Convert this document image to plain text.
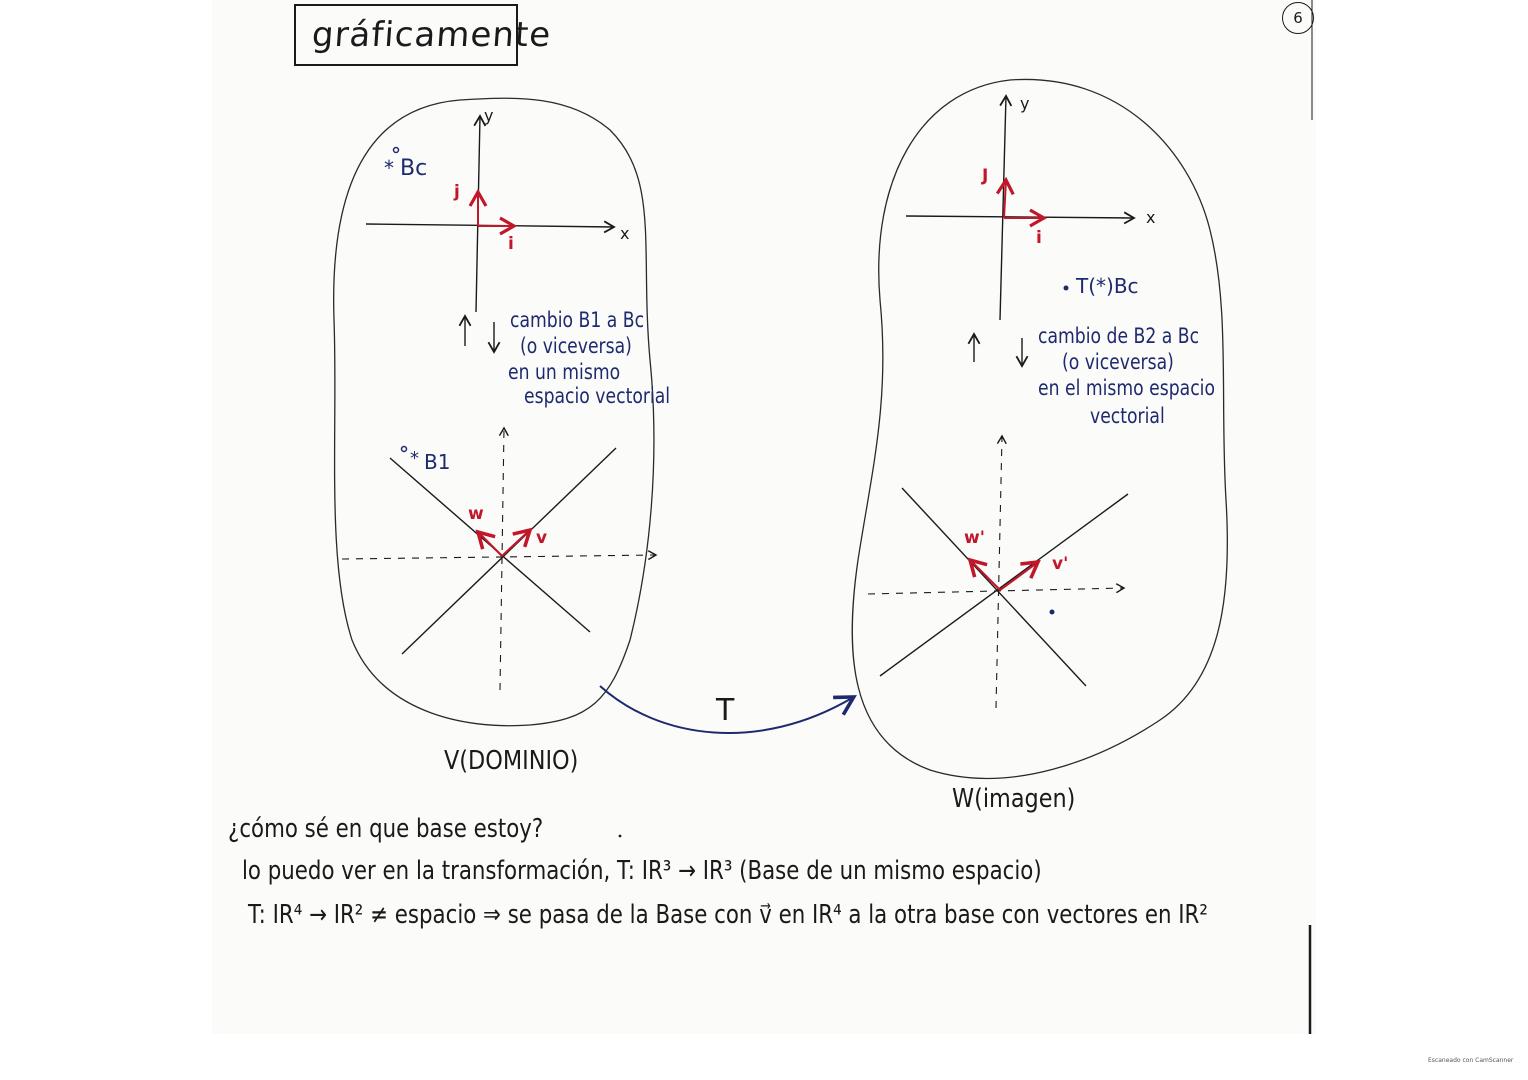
gráficamente	6
* Bc
j
i
y
x
cambio B1 a Bc
(o viceversa)
en un mismo
espacio vectorial
* B1
w
v
V(DOMINIO)
J
i
y
x
T(*)Bc
cambio de B2 a Bc
(o viceversa)
en el mismo espacio
vectorial
w'
v'
W(imagen)
T
¿cómo sé en que base estoy?
lo puedo ver en la transformación, T: IR³ → IR³ (Base de un mismo espacio)
T: IR⁴ → IR² ≠ espacio ⇒ se pasa de la Base con v⃗ en IR⁴ a la otra base con vectores en IR²
Escaneado con CamScanner
